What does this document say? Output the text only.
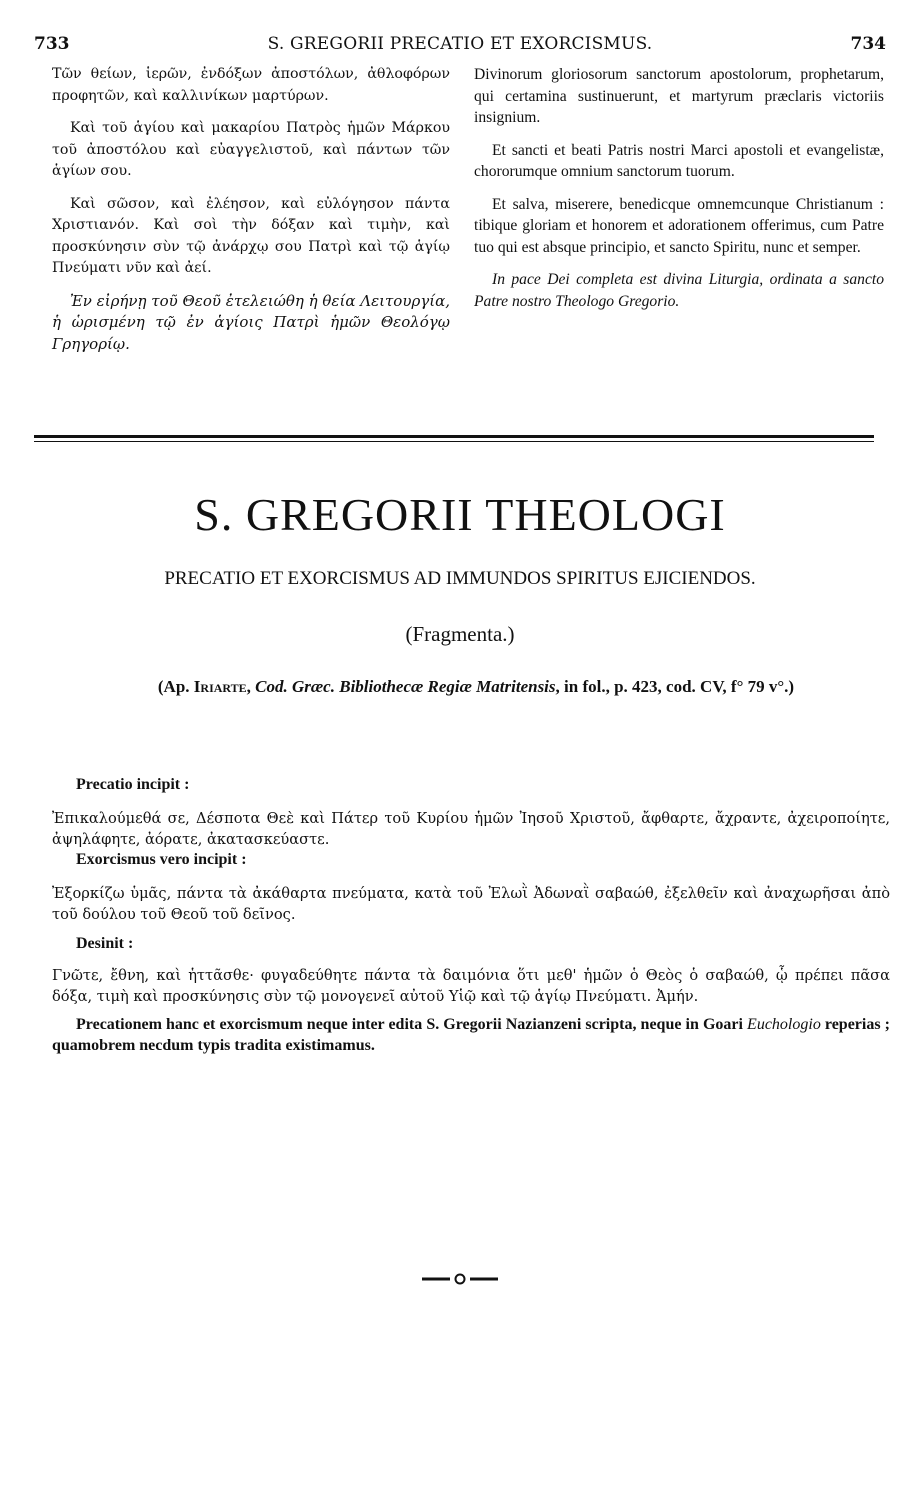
733	S. GREGORII PRECATIO ET EXORCISMUS.	734

Τῶν θείων, ἱερῶν, ἐνδόξων ἀποστόλων, ἀθλοφόρων προφητῶν, καὶ καλλινίκων μαρτύρων.

Καὶ τοῦ ἁγίου καὶ μακαρίου Πατρὸς ἡμῶν Μάρκου τοῦ ἀποστόλου καὶ εὐαγγελιστοῦ, καὶ πάντων τῶν ἁγίων σου.

Καὶ σῶσον, καὶ ἐλέησον, καὶ εὐλόγησον πάντα Χριστιανόν. Καὶ σοὶ τὴν δόξαν καὶ τιμὴν, καὶ προσκύνησιν σὺν τῷ ἀνάρχῳ σου Πατρὶ καὶ τῷ ἁγίῳ Πνεύματι νῦν καὶ ἀεί.

Ἐν εἰρήνῃ τοῦ Θεοῦ ἐτελειώθη ἡ θεία Λειτουργία, ἡ ὡρισμένη τῷ ἐν ἁγίοις Πατρὶ ἡμῶν Θεολόγῳ Γρηγορίῳ.

Divinorum gloriosorum sanctorum apostolorum, prophetarum, qui certamina sustinuerunt, et martyrum præclaris victoriis insignium.

Et sancti et beati Patris nostri Marci apostoli et evangelistæ, chororumque omnium sanctorum tuorum.

Et salva, miserere, benedicque omnemcunque Christianum : tibique gloriam et honorem et adorationem offerimus, cum Patre tuo qui est absque principio, et sancto Spiritu, nunc et semper.

In pace Dei completa est divina Liturgia, ordinata a sancto Patre nostro Theologo Gregorio.

S. GREGORII THEOLOGI
PRECATIO ET EXORCISMUS AD IMMUNDOS SPIRITUS EJICIENDOS.
(Fragmenta.)
(Ap. Iriarte, Cod. Græc. Bibliothecæ Regiæ Matritensis, in fol., p. 423, cod. CV, f° 79 v°.)
Precatio incipit :
Ἐπικαλούμεθά σε, Δέσποτα Θεὲ καὶ Πάτερ τοῦ Κυρίου ἡμῶν Ἰησοῦ Χριστοῦ, ἄφθαρτε, ἄχραντε, ἀχειροποίητε, ἀψηλάφητε, ἀόρατε, ἀκατασκεύαστε.
Exorcismus vero incipit :
Ἐξορκίζω ὑμᾶς, πάντα τὰ ἀκάθαρτα πνεύματα, κατὰ τοῦ Ἐλωῒ Ἀδωναῒ σαβαώθ, ἐξελθεῖν καὶ ἀναχωρῆσαι ἀπὸ τοῦ δούλου τοῦ Θεοῦ τοῦ δεῖνος.
Desinit :
Γνῶτε, ἔθνη, καὶ ἡττᾶσθε· φυγαδεύθητε πάντα τὰ δαιμόνια ὅτι μεθ' ἡμῶν ὁ Θεὸς ὁ σαβαώθ, ᾧ πρέπει πᾶσα δόξα, τιμὴ καὶ προσκύνησις σὺν τῷ μονογενεῖ αὐτοῦ Υἱῷ καὶ τῷ ἁγίῳ Πνεύματι. Ἀμήν.
Precationem hanc et exorcismum neque inter edita S. Gregorii Nazianzeni scripta, neque in Goari Euchologio reperias ; quamobrem necdum typis tradita existimamus.
